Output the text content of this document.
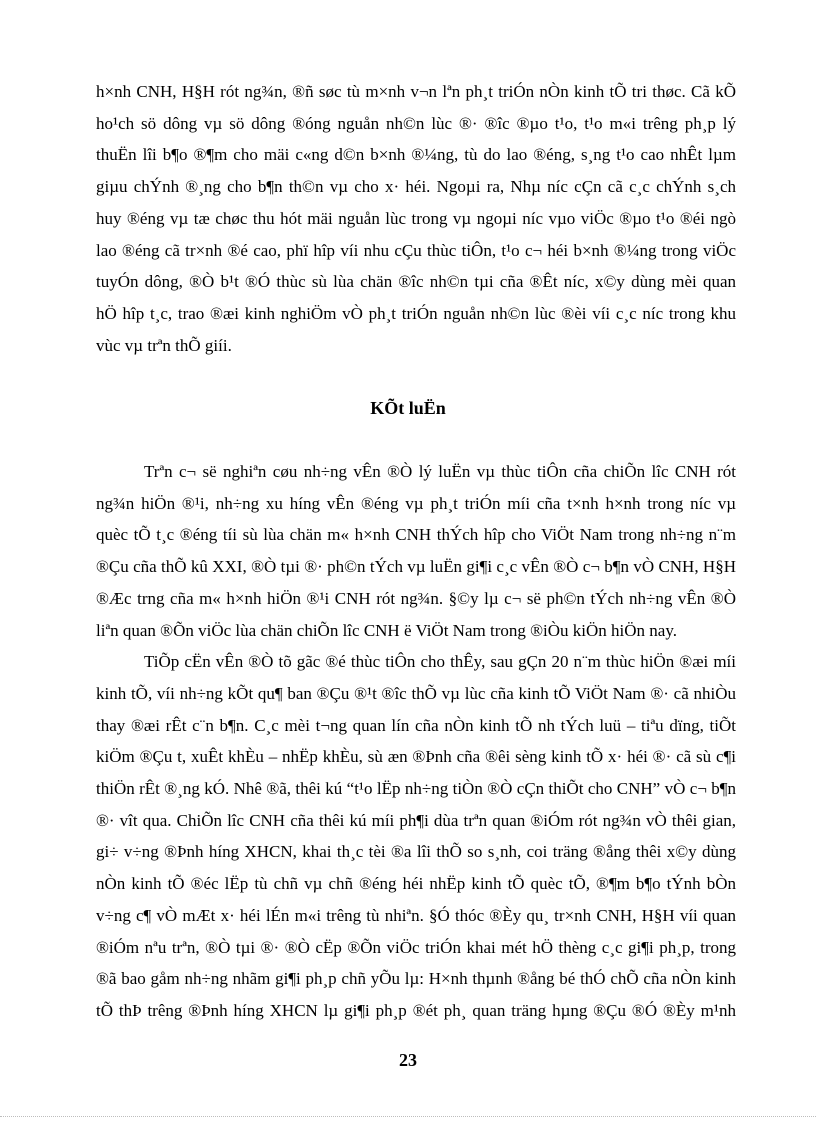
h×nh CNH, H§H rót ng¾n, ®ñ søc tù m×nh v¬n lªn ph¸t triÓn nÒn kinh tÕ tri thøc. Cã kÕ
ho¹ch sö dông vµ sö dông ®óng nguån nh©n lùc ®· ®îc ®µo t¹o, t¹o m«i trêng ph¸p lý
thuËn lîi b¶o ®¶m cho mäi c«ng d©n b×nh ®¼ng, tù do lao ®éng, s¸ng t¹o cao nhÊt lµm
giµu chÝnh ®¸ng cho b¶n th©n vµ cho x· héi. Ngoµi ra, Nhµ níc cÇn cã c¸c chÝnh s¸ch
huy ®éng vµ tæ chøc thu hót mäi nguån lùc trong vµ ngoµi níc vµo viÖc ®µo t¹o ®éi ngò
lao ®éng cã tr×nh ®é cao, phï hîp víi nhu cÇu thùc tiÔn, t¹o c¬ héi b×nh ®¼ng trong viÖc
tuyÓn dông, ®Ò b¹t ®Ó thùc sù lùa chän ®îc nh©n tµi cña ®Êt níc, x©y dùng mèi quan
hÖ hîp t¸c, trao ®æi kinh nghiÖm vÒ ph¸t triÓn nguån nh©n lùc ®èi víi c¸c níc trong khu
vùc vµ trªn thÕ giíi.
KÕt luËn

Trªn c¬ së nghiªn cøu nh÷ng vÊn ®Ò lý luËn vµ thùc tiÔn cña chiÕn lîc CNH rót
ng¾n hiÖn ®¹i, nh÷ng xu híng vÊn ®éng vµ ph¸t triÓn míi cña t×nh h×nh trong níc vµ
quèc tÕ t¸c ®éng tíi sù lùa chän m« h×nh CNH thÝch hîp cho ViÖt Nam trong nh÷ng n¨m
®Çu cña thÕ kû XXI, ®Ò tµi ®· ph©n tÝch vµ luËn gi¶i c¸c vÊn ®Ò c¬ b¶n vÒ CNH, H§H
®Æc trng cña m« h×nh hiÖn ®¹i CNH rót ng¾n. §©y lµ c¬ së ph©n tÝch nh÷ng vÊn ®Ò
liªn quan ®Õn viÖc lùa chän chiÕn lîc CNH ë ViÖt Nam trong ®iÒu kiÖn hiÖn nay.

TiÕp cËn vÊn ®Ò tõ gãc ®é thùc tiÔn cho thÊy, sau gÇn 20 n¨m thùc hiÖn ®æi míi
kinh tÕ, víi nh÷ng kÕt qu¶ ban ®Çu ®¹t ®îc thÕ vµ lùc cña kinh tÕ ViÖt Nam ®· cã nhiÒu
thay ®æi rÊt c¨n b¶n. C¸c mèi t¬ng quan lín cña nÒn kinh tÕ nh tÝch luü – tiªu dïng, tiÕt
kiÖm ®Çu t, xuÊt khÈu – nhËp khÈu, sù æn ®Þnh cña ®êi sèng kinh tÕ x· héi ®· cã sù c¶i
thiÖn rÊt ®¸ng kÓ. Nhê ®ã, thêi kú “t¹o lËp nh÷ng tiÒn ®Ò cÇn thiÕt cho CNH” vÒ c¬ b¶n
®· vît qua. ChiÕn lîc CNH cña thêi kú míi ph¶i dùa trªn quan ®iÓm rót ng¾n vÒ thêi gian,
gi÷ v÷ng ®Þnh híng XHCN, khai th¸c tèi ®a lîi thÕ so s¸nh, coi träng ®ång thêi x©y dùng
nÒn kinh tÕ ®éc lËp tù chñ vµ chñ ®éng héi nhËp kinh tÕ quèc tÕ, ®¶m b¶o tÝnh bÒn
v÷ng c¶ vÒ mÆt x· héi lÉn m«i trêng tù nhiªn. §Ó thóc ®Èy qu¸ tr×nh CNH, H§H víi quan
®iÓm nªu trªn, ®Ò tµi ®· ®Ò cËp ®Õn viÖc triÓn khai mét hÖ thèng c¸c gi¶i ph¸p, trong
®ã bao gåm nh÷ng nhãm gi¶i ph¸p chñ yÕu lµ: H×nh thµnh ®ång bé thÓ chÕ cña nÒn kinh
tÕ thÞ trêng ®Þnh híng XHCN lµ gi¶i ph¸p ®ét ph¸ quan träng hµng ®Çu ®Ó ®Èy m¹nh

23
